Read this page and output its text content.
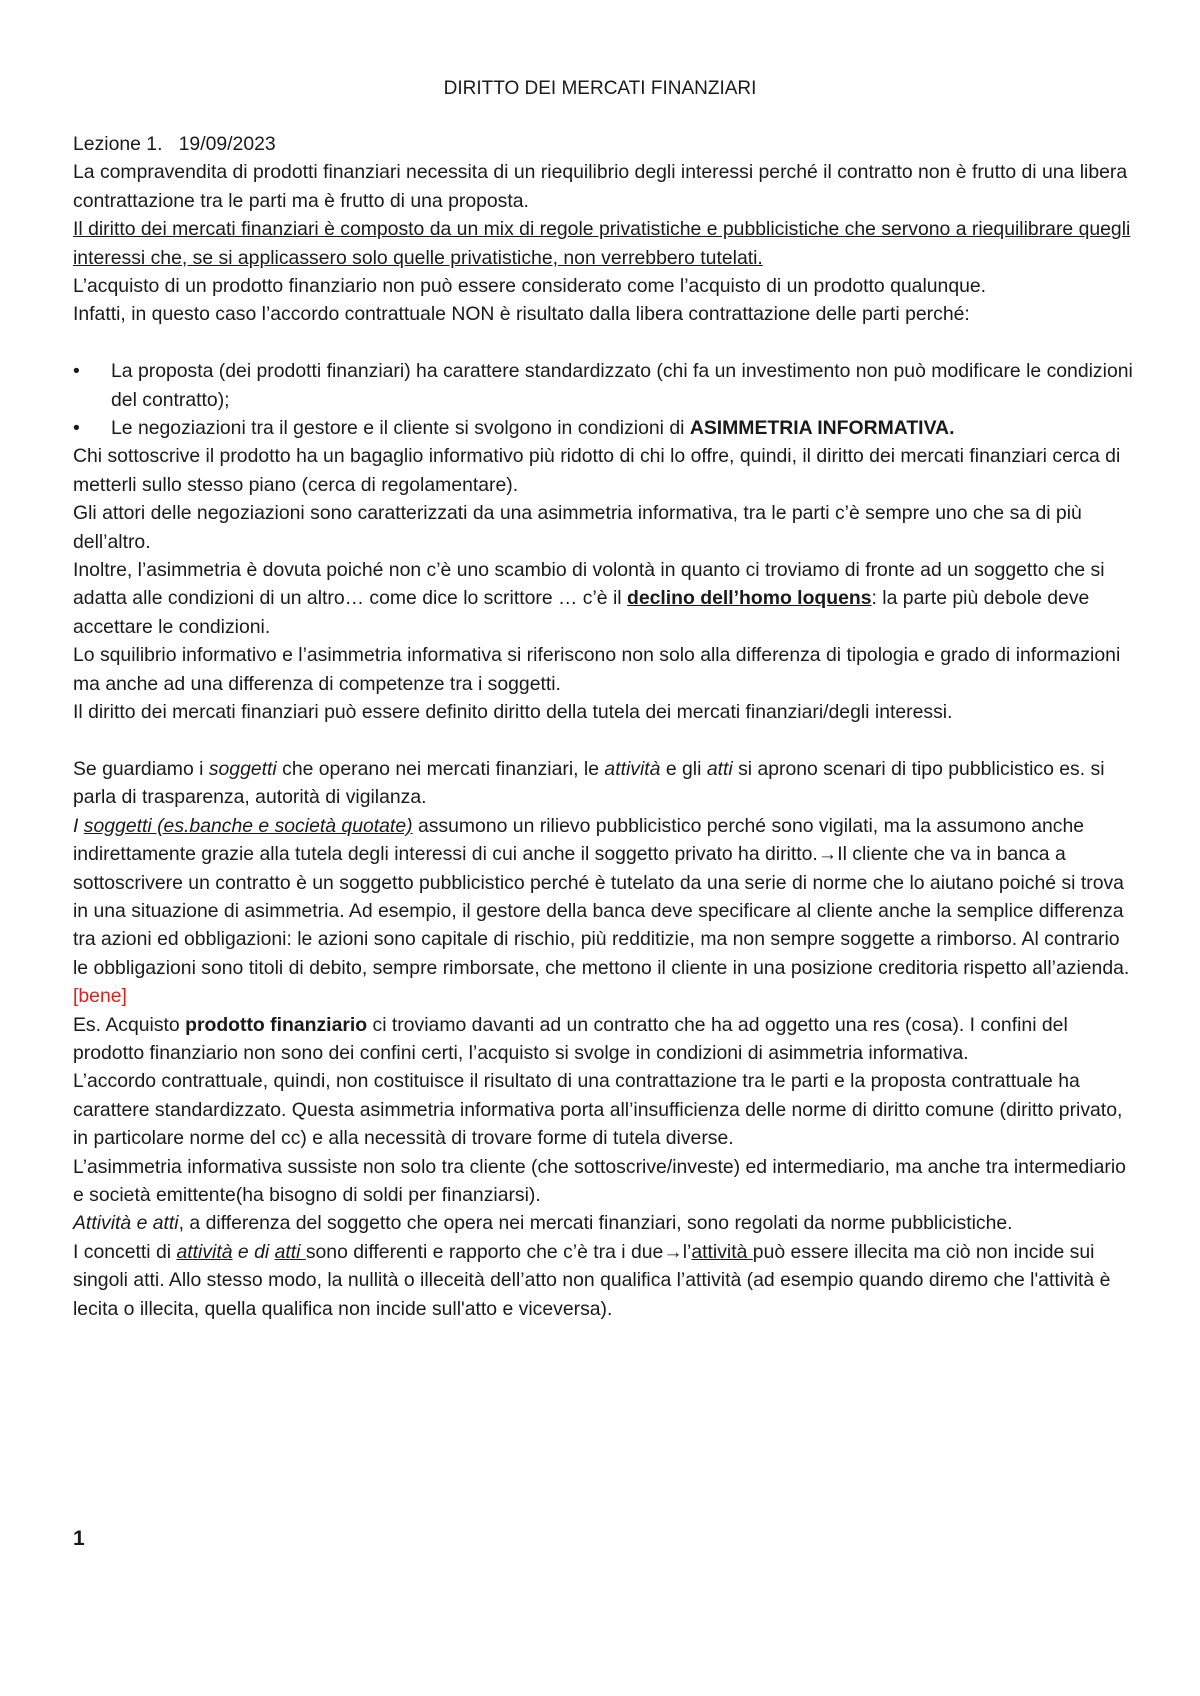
DIRITTO DEI MERCATI FINANZIARI

Lezione 1.   19/09/2023

La compravendita di prodotti finanziari necessita di un riequilibrio degli interessi perché il contratto non è frutto di una libera contrattazione tra le parti ma è frutto di una proposta.

Il diritto dei mercati finanziari è composto da un mix di regole privatistiche e pubblicistiche che servono a riequilibrare quegli interessi che, se si applicassero solo quelle privatistiche, non verrebbero tutelati.

L’acquisto di un prodotto finanziario non può essere considerato come l’acquisto di un prodotto qualunque.

Infatti, in questo caso l’accordo contrattuale NON è risultato dalla libera contrattazione delle parti perché:

• La proposta (dei prodotti finanziari) ha carattere standardizzato (chi fa un investimento non può modificare le condizioni del contratto);
• Le negoziazioni tra il gestore e il cliente si svolgono in condizioni di ASIMMETRIA INFORMATIVA.

Chi sottoscrive il prodotto ha un bagaglio informativo più ridotto di chi lo offre, quindi, il diritto dei mercati finanziari cerca di metterli sullo stesso piano (cerca di regolamentare).

Gli attori delle negoziazioni sono caratterizzati da una asimmetria informativa, tra le parti c’è sempre uno che sa di più dell’altro.

Inoltre, l’asimmetria è dovuta poiché non c’è uno scambio di volontà in quanto ci troviamo di fronte ad un soggetto che si adatta alle condizioni di un altro… come dice lo scrittore … c’è il declino dell’homo loquens: la parte più debole deve accettare le condizioni.

Lo squilibrio informativo e l’asimmetria informativa si riferiscono non solo alla differenza di tipologia e grado di informazioni ma anche ad una differenza di competenze tra i soggetti.

Il diritto dei mercati finanziari può essere definito diritto della tutela dei mercati finanziari/degli interessi.

Se guardiamo i soggetti che operano nei mercati finanziari, le attività e gli atti si aprono scenari di tipo pubblicistico es. si parla di trasparenza, autorità di vigilanza.

I soggetti (es.banche e società quotate) assumono un rilievo pubblicistico perché sono vigilati, ma la assumono anche indirettamente grazie alla tutela degli interessi di cui anche il soggetto privato ha diritto.→Il cliente che va in banca a sottoscrivere un contratto è un soggetto pubblicistico perché è tutelato da una serie di norme che lo aiutano poiché si trova in una situazione di asimmetria. Ad esempio, il gestore della banca deve specificare al cliente anche la semplice differenza tra azioni ed obbligazioni: le azioni sono capitale di rischio, più redditizie, ma non sempre soggette a rimborso. Al contrario le obbligazioni sono titoli di debito, sempre rimborsate, che mettono il cliente in una posizione creditoria rispetto all’azienda. [bene]

Es. Acquisto prodotto finanziario ci troviamo davanti ad un contratto che ha ad oggetto una res (cosa). I confini del prodotto finanziario non sono dei confini certi, l’acquisto si svolge in condizioni di asimmetria informativa.

L’accordo contrattuale, quindi, non costituisce il risultato di una contrattazione tra le parti e la proposta contrattuale ha carattere standardizzato. Questa asimmetria informativa porta all’insufficienza delle norme di diritto comune (diritto privato, in particolare norme del cc) e alla necessità di trovare forme di tutela diverse.

L’asimmetria informativa sussiste non solo tra cliente (che sottoscrive/investe) ed intermediario, ma anche tra intermediario e società emittente(ha bisogno di soldi per finanziarsi).

Attività e atti, a differenza del soggetto che opera nei mercati finanziari, sono regolati da norme pubblicistiche.

I concetti di attività e di atti sono differenti e rapporto che c’è tra i due→l’attività può essere illecita ma ciò non incide sui singoli atti. Allo stesso modo, la nullità o illeceità dell’atto non qualifica l’attività (ad esempio quando diremo che l'attività è lecita o illecita, quella qualifica non incide sull'atto e viceversa).

1
